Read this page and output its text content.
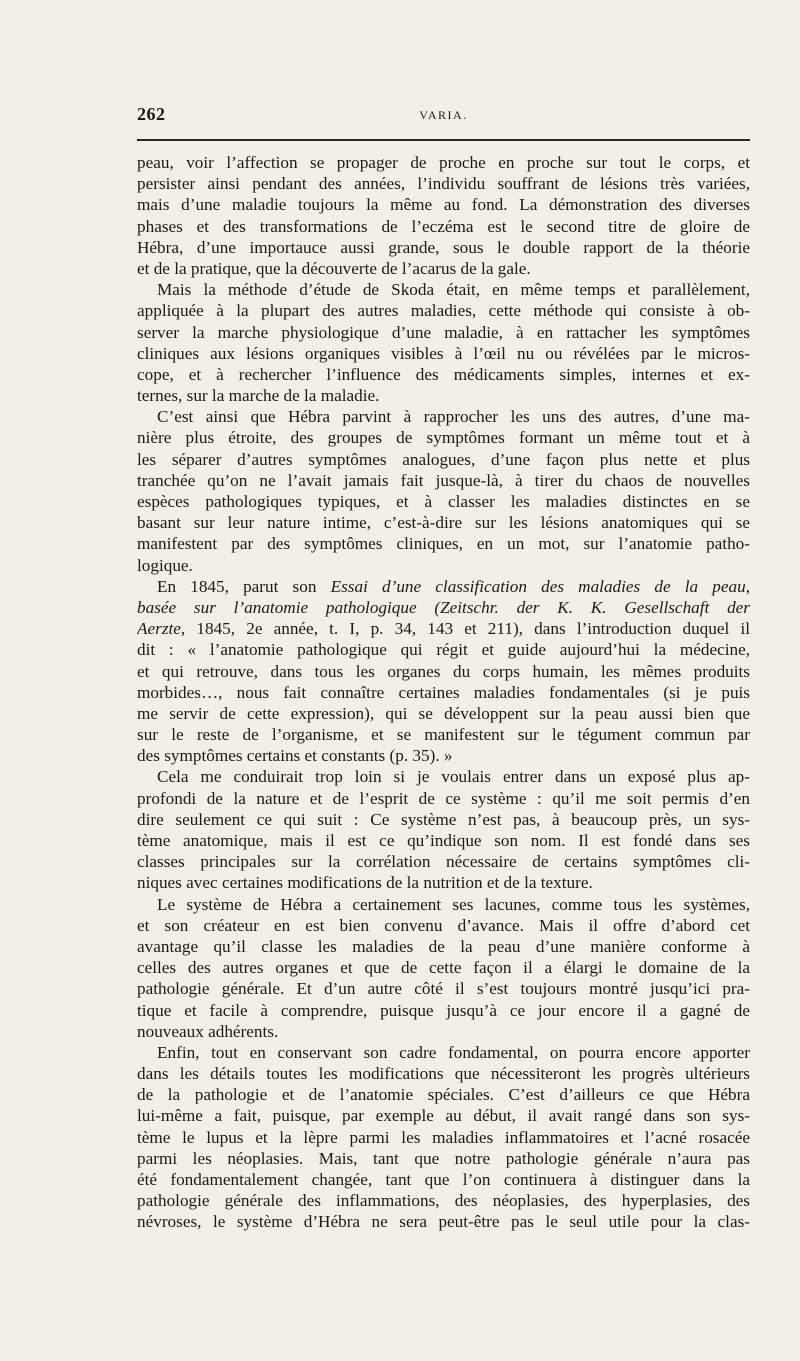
262	VARIA.
peau, voir l’affection se propager de proche en proche sur tout le corps, et
persister ainsi pendant des années, l’individu souffrant de lésions très variées,
mais d’une maladie toujours la même au fond. La démonstration des diverses
phases et des transformations de l’eczéma est le second titre de gloire de
Hébra, d’une importauce aussi grande, sous le double rapport de la théorie
et de la pratique, que la découverte de l’acarus de la gale.
Mais la méthode d’étude de Skoda était, en même temps et parallèlement,
appliquée à la plupart des autres maladies, cette méthode qui consiste à ob-
server la marche physiologique d’une maladie, à en rattacher les symptômes
cliniques aux lésions organiques visibles à l’œil nu ou révélées par le micros-
cope, et à rechercher l’influence des médicaments simples, internes et ex-
ternes, sur la marche de la maladie.
C’est ainsi que Hébra parvint à rapprocher les uns des autres, d’une ma-
nière plus étroite, des groupes de symptômes formant un même tout et à
les séparer d’autres symptômes analogues, d’une façon plus nette et plus
tranchée qu’on ne l’avait jamais fait jusque-là, à tirer du chaos de nouvelles
espèces pathologiques typiques, et à classer les maladies distinctes en se
basant sur leur nature intime, c’est-à-dire sur les lésions anatomiques qui se
manifestent par des symptômes cliniques, en un mot, sur l’anatomie patho-
logique.
En 1845, parut son Essai d’une classification des maladies de la peau,
basée sur l’anatomie pathologique (Zeitschr. der K. K. Gesellschaft der
Aerzte, 1845, 2e année, t. I, p. 34, 143 et 211), dans l’introduction duquel il
dit : « l’anatomie pathologique qui régit et guide aujourd’hui la médecine,
et qui retrouve, dans tous les organes du corps humain, les mêmes produits
morbides…, nous fait connaître certaines maladies fondamentales (si je puis
me servir de cette expression), qui se développent sur la peau aussi bien que
sur le reste de l’organisme, et se manifestent sur le tégument commun par
des symptômes certains et constants (p. 35). »
Cela me conduirait trop loin si je voulais entrer dans un exposé plus ap-
profondi de la nature et de l’esprit de ce système : qu’il me soit permis d’en
dire seulement ce qui suit : Ce système n’est pas, à beaucoup près, un sys-
tème anatomique, mais il est ce qu’indique son nom. Il est fondé dans ses
classes principales sur la corrélation nécessaire de certains symptômes cli-
niques avec certaines modifications de la nutrition et de la texture.
Le système de Hébra a certainement ses lacunes, comme tous les systèmes,
et son créateur en est bien convenu d’avance. Mais il offre d’abord cet
avantage qu’il classe les maladies de la peau d’une manière conforme à
celles des autres organes et que de cette façon il a élargi le domaine de la
pathologie générale. Et d’un autre côté il s’est toujours montré jusqu’ici pra-
tique et facile à comprendre, puisque jusqu’à ce jour encore il a gagné de
nouveaux adhérents.
Enfin, tout en conservant son cadre fondamental, on pourra encore apporter
dans les détails toutes les modifications que nécessiteront les progrès ultérieurs
de la pathologie et de l’anatomie spéciales. C’est d’ailleurs ce que Hébra
lui-même a fait, puisque, par exemple au début, il avait rangé dans son sys-
tème le lupus et la lèpre parmi les maladies inflammatoires et l’acné rosacée
parmi les néoplasies. Mais, tant que notre pathologie générale n’aura pas
été fondamentalement changée, tant que l’on continuera à distinguer dans la
pathologie générale des inflammations, des néoplasies, des hyperplasies, des
névroses, le système d’Hébra ne sera peut-être pas le seul utile pour la clas-
